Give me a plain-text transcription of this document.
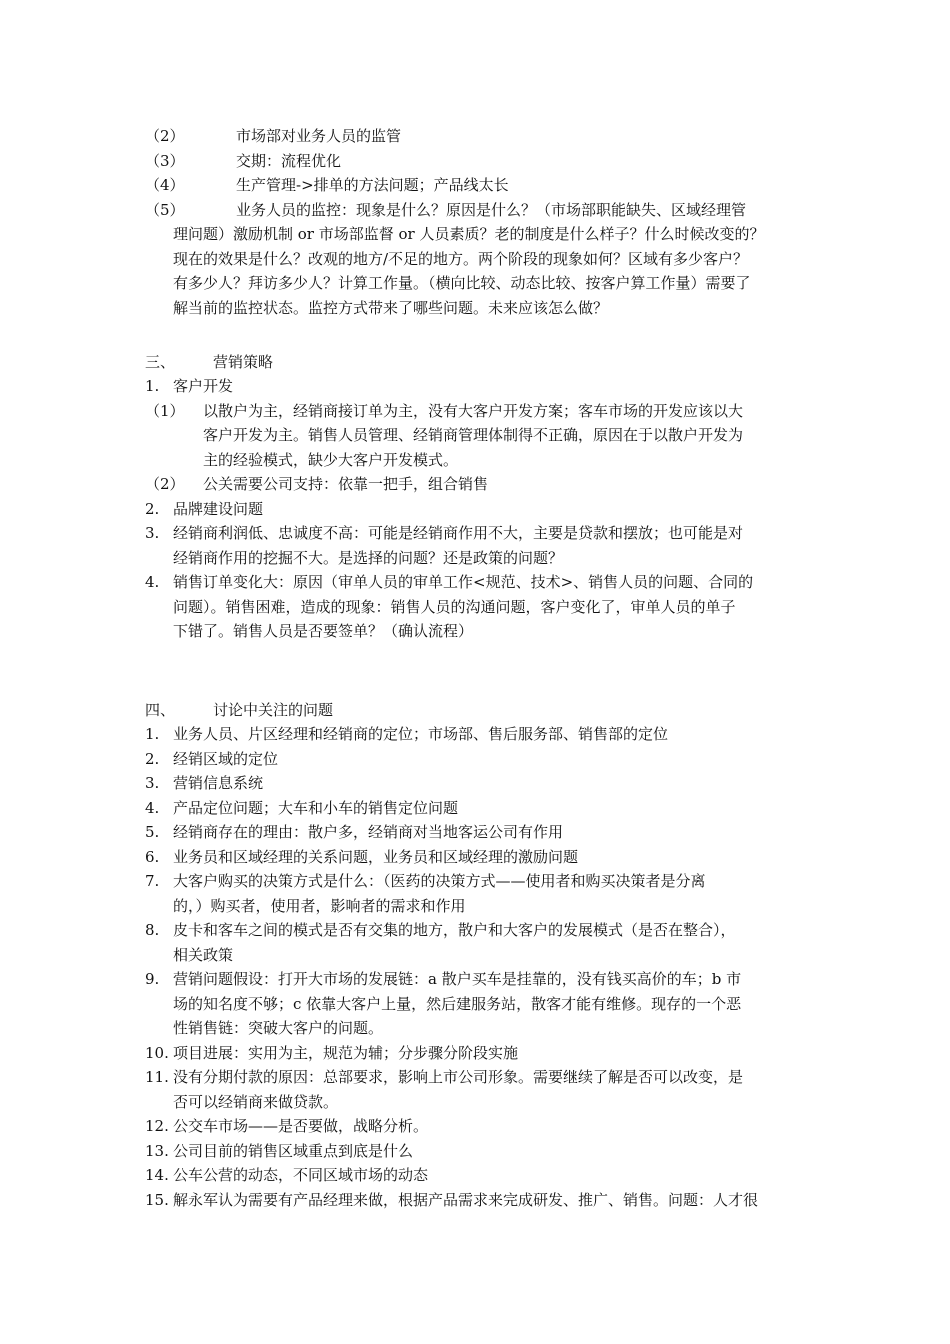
（2）	市场部对业务人员的监管
（3）	交期：流程优化
（4）	生产管理->排单的方法问题；产品线太长
（5）	业务人员的监控：现象是什么？原因是什么？（市场部职能缺失、区域经理管
理问题）激励机制 or 市场部监督 or 人员素质？老的制度是什么样子？什么时候改变的？
现在的效果是什么？改观的地方/不足的地方。两个阶段的现象如何？区域有多少客户？
有多少人？拜访多少人？计算工作量。（横向比较、动态比较、按客户算工作量）需要了
解当前的监控状态。监控方式带来了哪些问题。未来应该怎么做？
三、	营销策略
1. 客户开发
（1） 以散户为主，经销商接订单为主，没有大客户开发方案；客车市场的开发应该以大
客户开发为主。销售人员管理、经销商管理体制得不正确，原因在于以散户开发为
主的经验模式，缺少大客户开发模式。
（2） 公关需要公司支持：依靠一把手，组合销售
2. 品牌建设问题
3. 经销商利润低、忠诚度不高：可能是经销商作用不大，主要是贷款和摆放；也可能是对
经销商作用的挖掘不大。是选择的问题？还是政策的问题？
4. 销售订单变化大：原因（审单人员的审单工作<规范、技术>、销售人员的问题、合同的
问题）。销售困难，造成的现象：销售人员的沟通问题，客户变化了，审单人员的单子
下错了。销售人员是否要签单？（确认流程）
四、	讨论中关注的问题
1. 业务人员、片区经理和经销商的定位；市场部、售后服务部、销售部的定位
2. 经销区域的定位
3. 营销信息系统
4. 产品定位问题；大车和小车的销售定位问题
5. 经销商存在的理由：散户多，经销商对当地客运公司有作用
6. 业务员和区域经理的关系问题，业务员和区域经理的激励问题
7. 大客户购买的决策方式是什么：（医药的决策方式——使用者和购买决策者是分离
的，）购买者，使用者，影响者的需求和作用
8. 皮卡和客车之间的模式是否有交集的地方，散户和大客户的发展模式（是否在整合），
相关政策
9. 营销问题假设：打开大市场的发展链：a 散户买车是挂靠的，没有钱买高价的车；b 市
场的知名度不够；c 依靠大客户上量，然后建服务站，散客才能有维修。现存的一个恶
性销售链：突破大客户的问题。
10. 项目进展：实用为主，规范为辅；分步骤分阶段实施
11. 没有分期付款的原因：总部要求，影响上市公司形象。需要继续了解是否可以改变，是
否可以经销商来做贷款。
12. 公交车市场——是否要做，战略分析。
13. 公司目前的销售区域重点到底是什么
14. 公车公营的动态，不同区域市场的动态
15. 解永军认为需要有产品经理来做，根据产品需求来完成研发、推广、销售。问题：人才很
